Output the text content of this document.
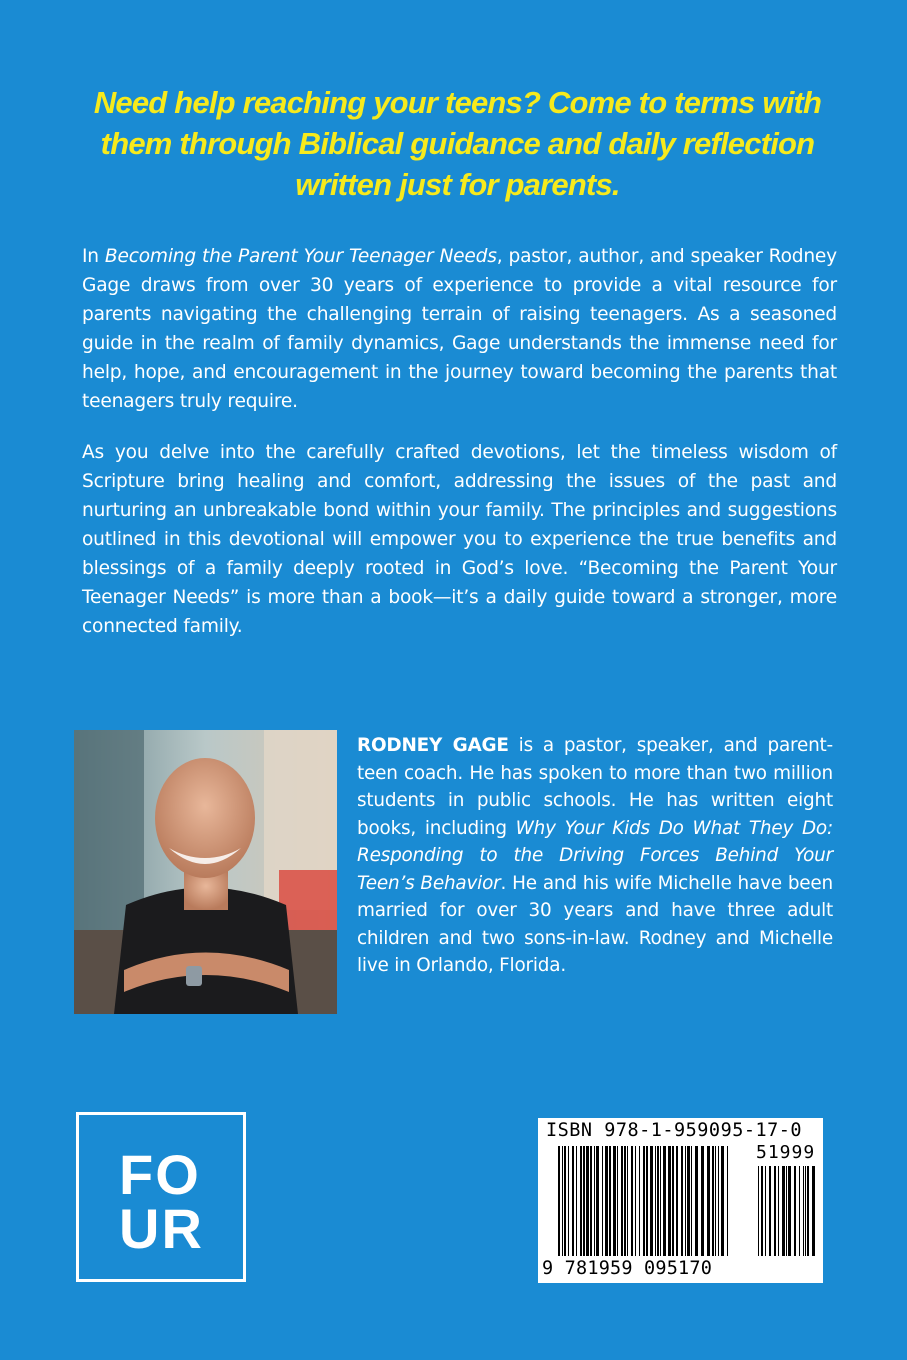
Need help reaching your teens? Come to terms with them through Biblical guidance and daily reflection written just for parents.
In Becoming the Parent Your Teenager Needs, pastor, author, and speaker Rodney Gage draws from over 30 years of experience to provide a vital resource for parents navigating the challenging terrain of raising teenagers. As a seasoned guide in the realm of family dynamics, Gage understands the immense need for help, hope, and encouragement in the journey toward becoming the parents that teenagers truly require.
As you delve into the carefully crafted devotions, let the timeless wisdom of Scripture bring healing and comfort, addressing the issues of the past and nurturing an unbreakable bond within your family. The principles and suggestions outlined in this devotional will empower you to experience the true benefits and blessings of a family deeply rooted in God’s love. “Becoming the Parent Your Teenager Needs” is more than a book—it’s a daily guide toward a stronger, more connected family.
RODNEY GAGE is a pastor, speaker, and parent-teen coach. He has spoken to more than two million students in public schools. He has written eight books, including Why Your Kids Do What They Do: Responding to the Driving Forces Behind Your Teen’s Behavior. He and his wife Michelle have been married for over 30 years and have three adult children and two sons-in-law. Rodney and Michelle live in Orlando, Florida.
FO
UR
ISBN 978-1-959095-17-0
51999
9 781959 095170
